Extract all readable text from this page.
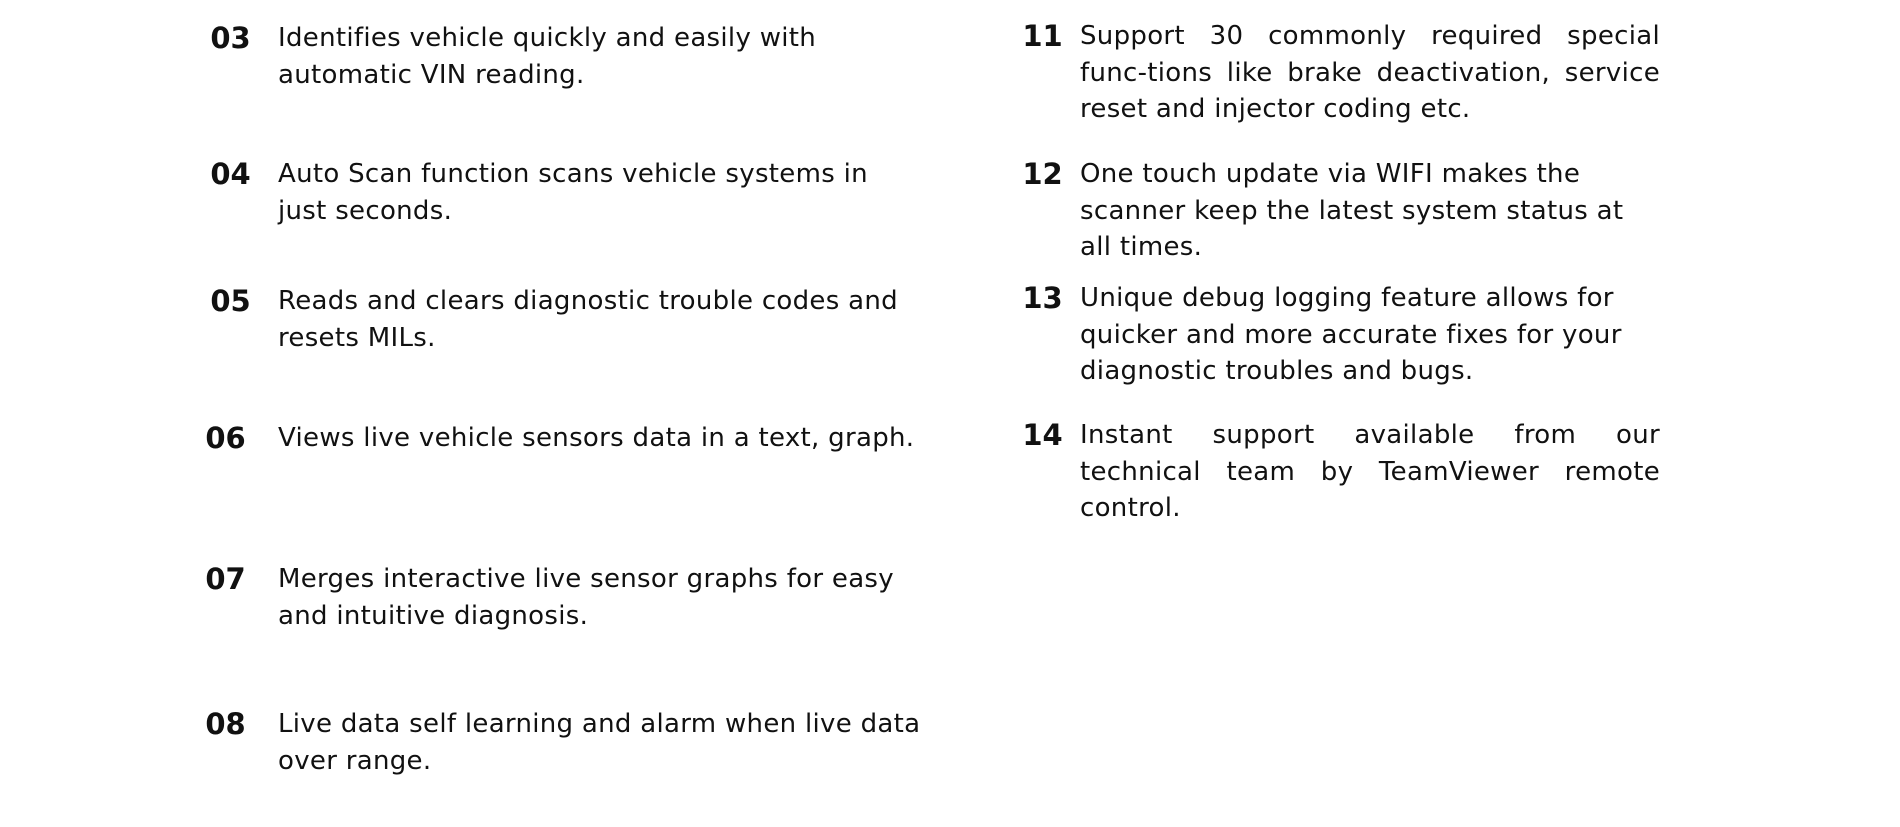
03 Identifies vehicle quickly and easily with automatic VIN reading.

04 Auto Scan function scans vehicle systems in just seconds.

05 Reads and clears diagnostic trouble codes and resets MILs.

06 Views live vehicle sensors data in a text, graph.

07 Merges interactive live sensor graphs for easy and intuitive diagnosis.

08 Live data self learning and alarm when live data over range.

11 Support 30 commonly required special func-tions like brake deactivation, service reset and injector coding etc.

12 One touch update via WIFI makes the scanner keep the latest system status at all times.

13 Unique debug logging feature allows for quicker and more accurate fixes for your diagnostic troubles and bugs.

14 Instant support available from our technical team by TeamViewer remote control.
